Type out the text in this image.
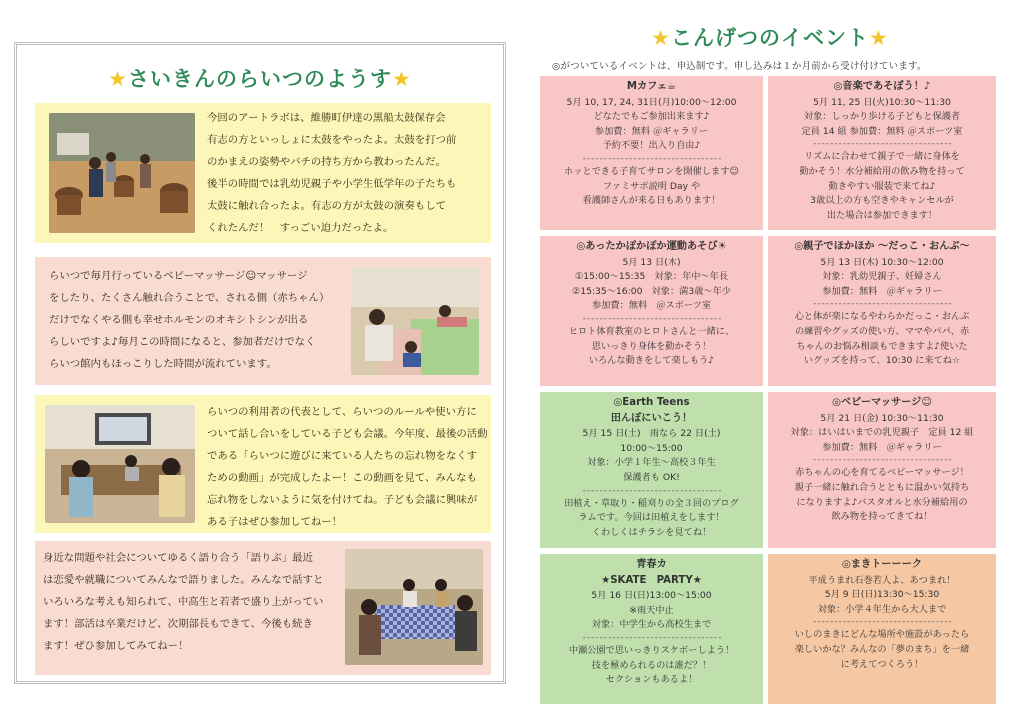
★さいきんのらいつのようす★
今回のアートラボは、維勝町伊達の黒船太鼓保存会
有志の方といっしょに太鼓をやったよ。太鼓を打つ前
のかまえの姿勢やバチの持ち方から教わったんだ。
後半の時間では乳幼児親子や小学生低学年の子たちも
太鼓に触れ合ったよ。有志の方が太鼓の演奏もして
くれたんだ！　すっごい迫力だったよ。
らいつで毎月行っているベビーマッサージ☺マッサージ
をしたり、たくさん触れ合うことで、される側（赤ちゃん）
だけでなくやる側も幸せホルモンのオキシトシンが出る
らしいですよ♪毎月この時間になると、参加者だけでなく
らいつ館内もほっこりした時間が流れています。
らいつの利用者の代表として、らいつのルールや使い方に
ついて話し合いをしている子ども会議。今年度、最後の活動
である「らいつに遊びに来ている人たちの忘れ物をなくす
ための動画」が完成したよー！この動画を見て、みんなも
忘れ物をしないように気を付けてね。子ども会議に興味が
ある子はぜひ参加してねー！
身近な問題や社会についてゆるく語り合う「語りぶ」最近
は恋愛や就職についてみんなで語りました。みんなで話すと
いろいろな考えも知られて、中高生と若者で盛り上がってい
ます！部活は卒業だけど、次期部長もできて、今後も続き
ます！ぜひ参加してみてねー！
★こんげつのイベント★
◎がついているイベントは、申込制です。申し込みは１か月前から受け付けています。
Mカフェ☕
5月 10, 17, 24, 31日(月)10:00～12:00
どなたでもご参加出来ます♪
参加費：無料 ＠ギャラリー
予約不要！出入り自由♪
- - - - - - - - - - - - - - - - - - - - - - - - - - - - - - - - -
ホッとできる子育てサロンを開催します☺
ファミサポ説明 Day や
看護師さんが来る日もあります！
◎音楽であそぼう！♪
5月 11, 25 日(火)10:30～11:30
対象：しっかり歩ける子どもと保護者
定員 14 組 参加費：無料 ＠スポーツ室
- - - - - - - - - - - - - - - - - - - - - - - - - - - - - - - - -
リズムに合わせて親子で一緒に身体を
動かそう！水分補給用の飲み物を持って
動きやすい服装で来てね♪
3歳以上の方も空きやキャンセルが
出た場合は参加できます！
◎あったかぽかぽか運動あそび☀
5月 13 日(木)
①15:00～15:35　対象：年中～年長
②15:35～16:00　対象：満3歳～年少
参加費：無料　＠スポーツ室
- - - - - - - - - - - - - - - - - - - - - - - - - - - - - - - - -
ヒロト体育教室のヒロトさんと一緒に、
思いっきり身体を動かそう！
いろんな動きをして楽しもう♪
◎親子でほかほか ～だっこ・おんぶ～
5月 13 日(木) 10:30～12:00
対象：乳幼児親子、妊婦さん
参加費：無料　＠ギャラリー
- - - - - - - - - - - - - - - - - - - - - - - - - - - - - - - - -
心と体が楽になるやわらかだっこ・おんぶ
の練習やグッズの使い方、ママやパパ、赤
ちゃんのお悩み相談もできますよ♪使いた
いグッズを持って、10:30 に来てね☆
◎Earth Teens
田んぼにいこう！
5月 15 日(土)　雨なら 22 日(土)
10:00～15:00
対象：小学１年生～高校３年生
保護者も OK!
- - - - - - - - - - - - - - - - - - - - - - - - - - - - - - - - -
田植え・草取り・稲刈りの全３回のプログ
ラムです。今回は田植えをします！
くわしくはチラシを見てね！
◎ベビーマッサージ☺
5月 21 日(金) 10:30～11:30
対象：はいはいまでの乳児親子　定員 12 組
参加費：無料　＠ギャラリー
- - - - - - - - - - - - - - - - - - - - - - - - - - - - - - - - -
赤ちゃんの心を育てるベビーマッサージ！
親子一緒に触れ合うとともに温かい気持ち
になりますよ♪バスタオルと水分補給用の
飲み物を持ってきてね！
青春カ
★SKATE　PARTY★
5月 16 日(日)13:00～15:00
※雨天中止
対象：中学生から高校生まで
- - - - - - - - - - - - - - - - - - - - - - - - - - - - - - - - -
中瀬公園で思いっきりスケボーしよう！
技を極められるのは誰だ？！
セクションもあるよ！
◎まきトーーーク
平成うまれ石巻若人よ、あつまれ！
5月 9 日(日)13:30～15:30
対象：小学４年生から大人まで
- - - - - - - - - - - - - - - - - - - - - - - - - - - - - - - - -
いしのまきにどんな場所や施設があったら
楽しいかな？みんなの「夢のまち」を一緒
に考えてつくろう！
